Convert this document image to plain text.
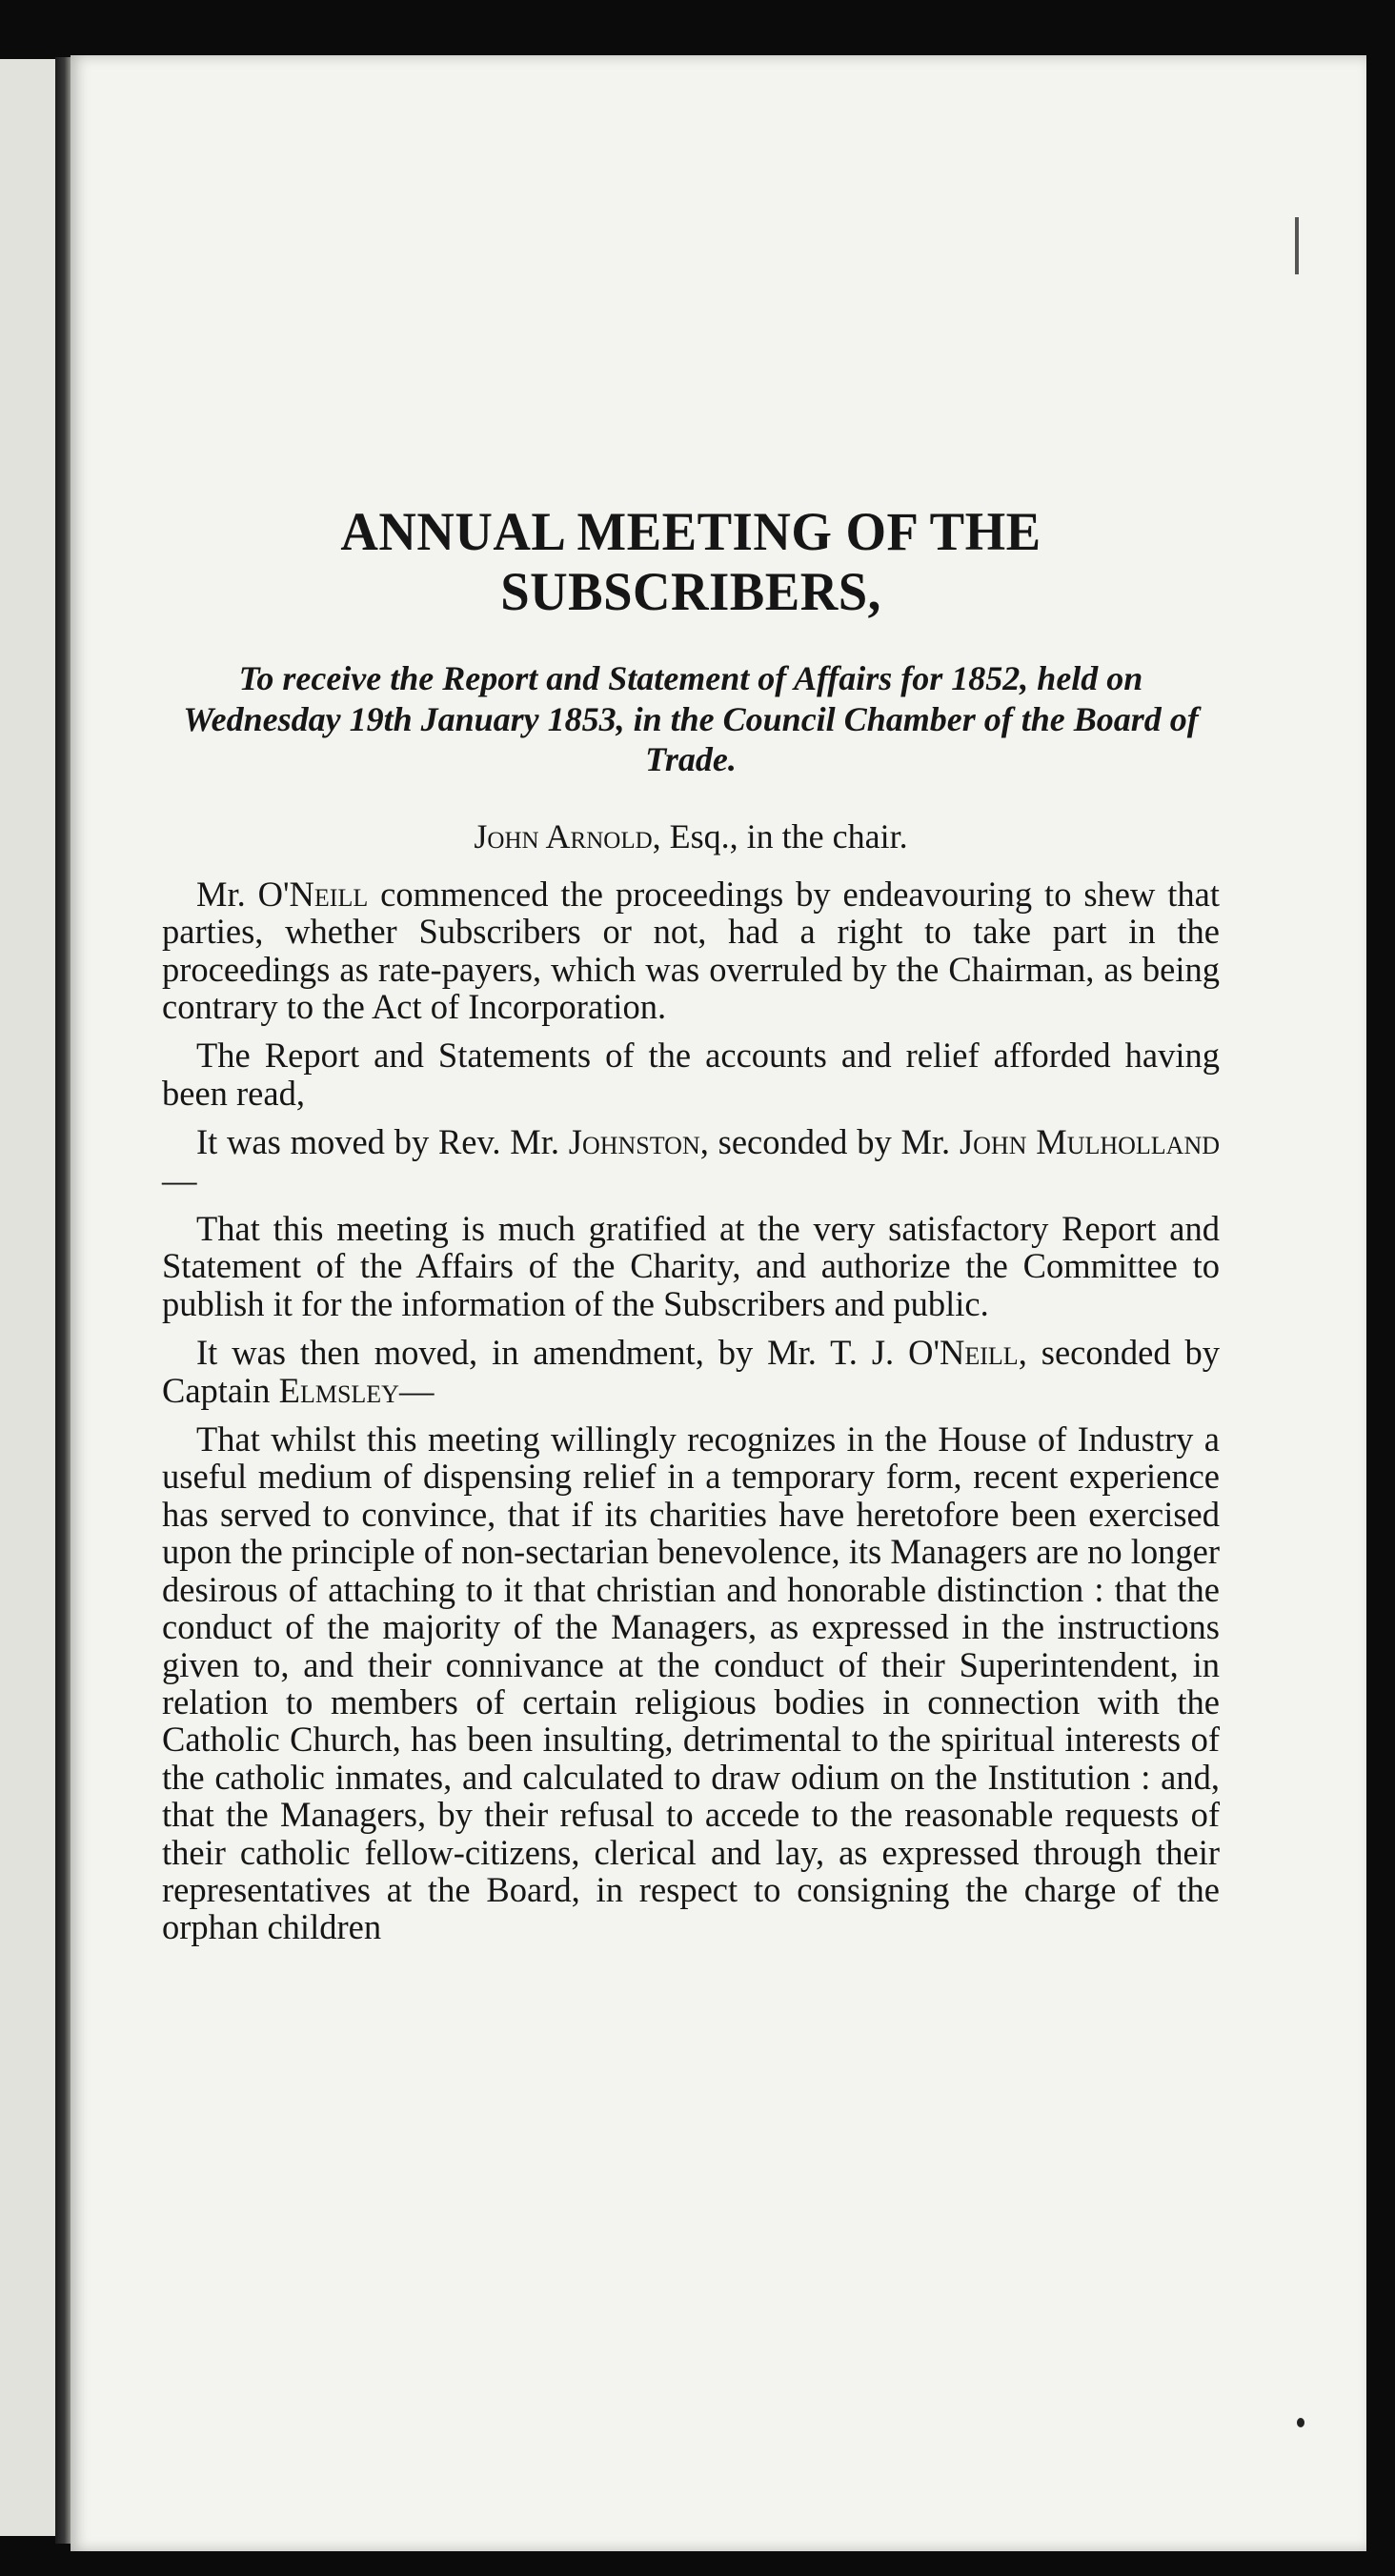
ANNUAL MEETING OF THE SUBSCRIBERS,
To receive the Report and Statement of Affairs for 1852, held on Wednesday 19th January 1853, in the Council Chamber of the Board of Trade.
John Arnold, Esq., in the chair.

Mr. O'Neill commenced the proceedings by endeavouring to shew that parties, whether Subscribers or not, had a right to take part in the proceedings as rate-payers, which was overruled by the Chairman, as being contrary to the Act of Incorporation.

The Report and Statements of the accounts and relief afforded having been read,

It was moved by Rev. Mr. Johnston, seconded by Mr. John Mulholland—

That this meeting is much gratified at the very satisfactory Report and Statement of the Affairs of the Charity, and authorize the Committee to publish it for the information of the Subscribers and public.

It was then moved, in amendment, by Mr. T. J. O'Neill, seconded by Captain Elmsley—

That whilst this meeting willingly recognizes in the House of Industry a useful medium of dispensing relief in a temporary form, recent experience has served to convince, that if its charities have heretofore been exercised upon the principle of non-sectarian benevolence, its Managers are no longer desirous of attaching to it that christian and honorable distinction : that the conduct of the majority of the Managers, as expressed in the instructions given to, and their connivance at the conduct of their Superintendent, in relation to members of certain religious bodies in connection with the Catholic Church, has been insulting, detrimental to the spiritual interests of the catholic inmates, and calculated to draw odium on the Institution : and, that the Managers, by their refusal to accede to the reasonable requests of their catholic fellow-citizens, clerical and lay, as expressed through their representatives at the Board, in respect to consigning the charge of the orphan children
